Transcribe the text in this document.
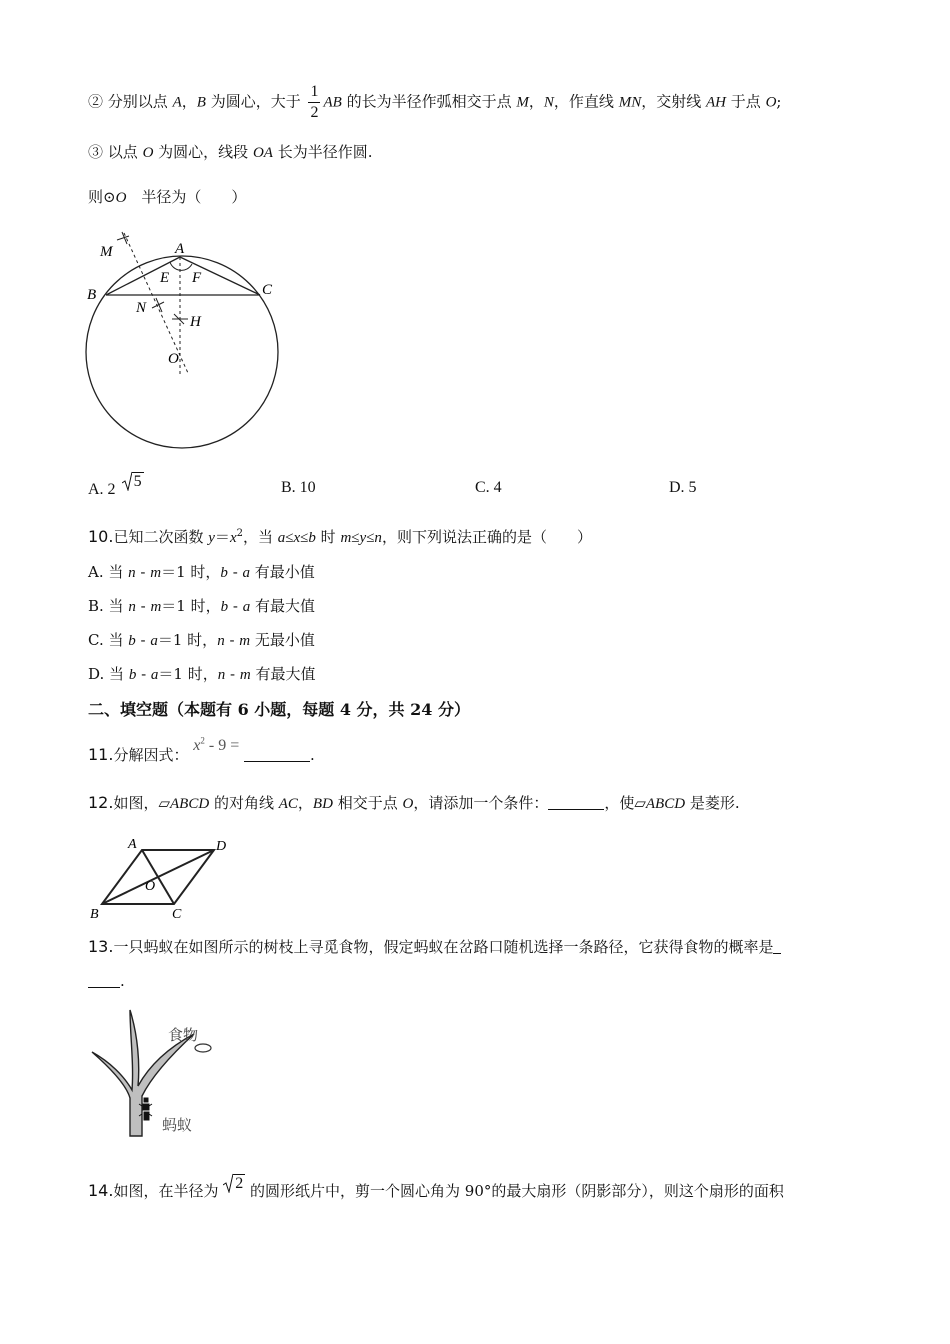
② 分别以点 A，B 为圆心，大于 $\frac{1}{2}$ AB 的长为半径作弧相交于点 M，N，作直线 MN，交射线 AH 于点 O;
③ 以点 O 为圆心，线段 OA 长为半径作圆.
则⊙O　半径为（　　）
M	A
E F
B	C
N
H
O
A. 2 5	B. 10	C. 4	D. 5
10.已知二次函数 $y=x^2$，当 a≤x≤b 时 m≤y≤n，则下列说法正确的是（　　）
A. 当 n - m＝1 时，b - a 有最小值
B. 当 n - m＝1 时，b - a 有最大值
C. 当 b - a＝1 时，n - m 无最小值
D. 当 b - a＝1 时，n - m 有最大值
二、填空题（本题有 6 小题，每题 4 分，共 24 分）
11.分解因式： $x^2 - 9$ = .
12.如图，▱ABCD 的对角线 AC，BD 相交于点 O，请添加一个条件：	，使▱ABCD 是菱形.
A	D
O
B	C
13.一只蚂蚁在如图所示的树枝上寻觅食物，假定蚂蚁在岔路口随机选择一条路径，它获得食物的概率是
.
食物
蚂蚁
14.如图，在半径为 2 的圆形纸片中，剪一个圆心角为 90°的最大扇形（阴影部分），则这个扇形的面积
